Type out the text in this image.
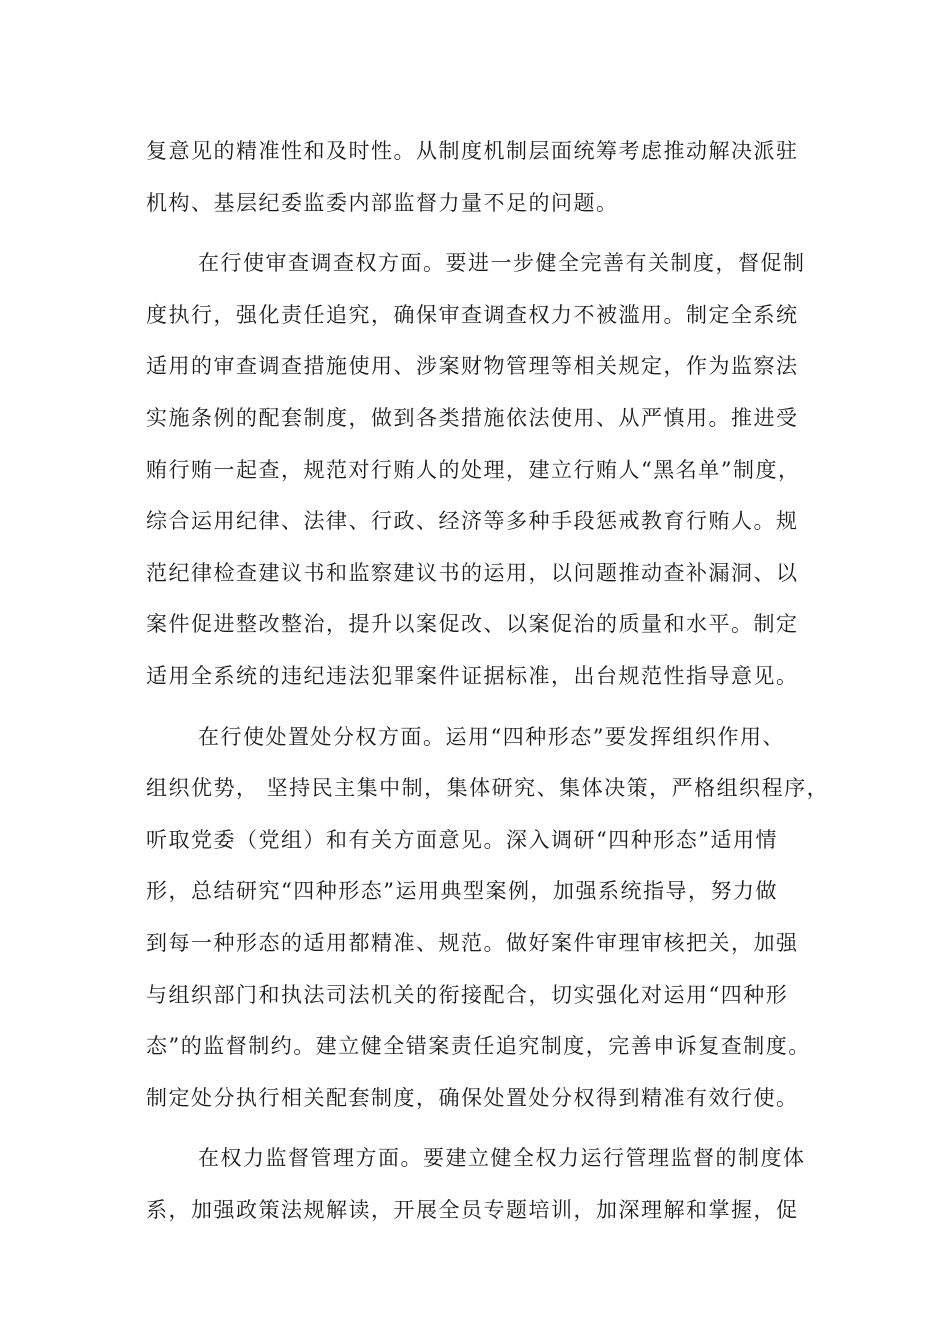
复意见的精准性和及时性。从制度机制层面统筹考虑推动解决派驻
机构、基层纪委监委内部监督力量不足的问题。
在行使审查调查权方面。要进一步健全完善有关制度，督促制
度执行，强化责任追究，确保审查调查权力不被滥用。制定全系统
适用的审查调查措施使用、涉案财物管理等相关规定，作为监察法
实施条例的配套制度，做到各类措施依法使用、从严慎用。推进受
贿行贿一起查，规范对行贿人的处理，建立行贿人“黑名单”制度，
综合运用纪律、法律、行政、经济等多种手段惩戒教育行贿人。规
范纪律检查建议书和监察建议书的运用，以问题推动查补漏洞、以
案件促进整改整治，提升以案促改、以案促治的质量和水平。制定
适用全系统的违纪违法犯罪案件证据标准，出台规范性指导意见。
在行使处置处分权方面。运用“四种形态”要发挥组织作用、
组织优势， 坚持民主集中制，集体研究、集体决策，严格组织程序，
听取党委（党组）和有关方面意见。深入调研“四种形态”适用情
形，总结研究“四种形态”运用典型案例，加强系统指导，努力做
到每一种形态的适用都精准、规范。做好案件审理审核把关，加强
与组织部门和执法司法机关的衔接配合，切实强化对运用“四种形
态”的监督制约。建立健全错案责任追究制度，完善申诉复查制度。
制定处分执行相关配套制度，确保处置处分权得到精准有效行使。
在权力监督管理方面。要建立健全权力运行管理监督的制度体
系，加强政策法规解读，开展全员专题培训，加深理解和掌握，促
